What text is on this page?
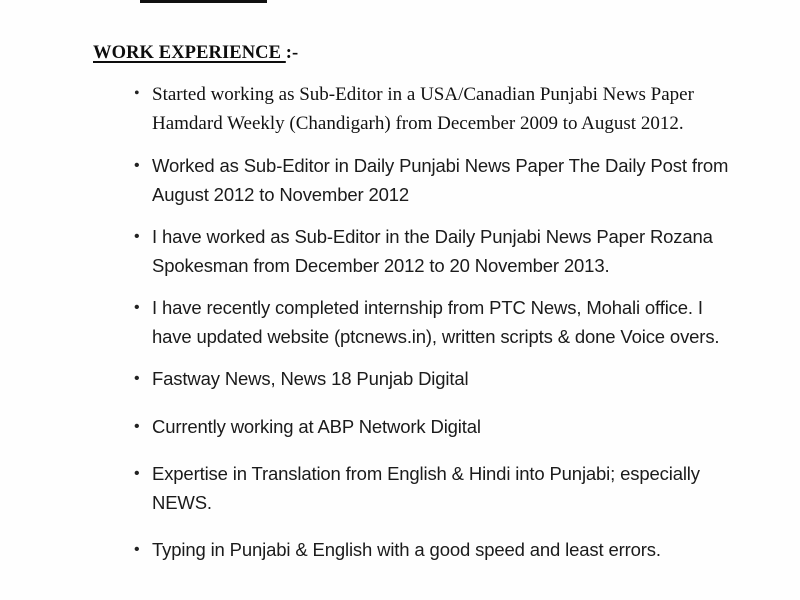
WORK EXPERIENCE :-
• Started working as Sub-Editor in a USA/Canadian Punjabi News Paper Hamdard Weekly (Chandigarh) from December 2009 to August 2012.
• Worked as Sub-Editor in Daily Punjabi News Paper The Daily Post from August 2012 to November 2012
• I have worked as Sub-Editor in the Daily Punjabi News Paper Rozana Spokesman from December 2012 to 20 November 2013.
• I have recently completed internship from PTC News, Mohali office. I have updated website (ptcnews.in), written scripts & done Voice overs.
• Fastway News, News 18 Punjab Digital
• Currently working at ABP Network Digital
• Expertise in Translation from English & Hindi into Punjabi; especially NEWS.
• Typing in Punjabi & English with a good speed and least errors.
